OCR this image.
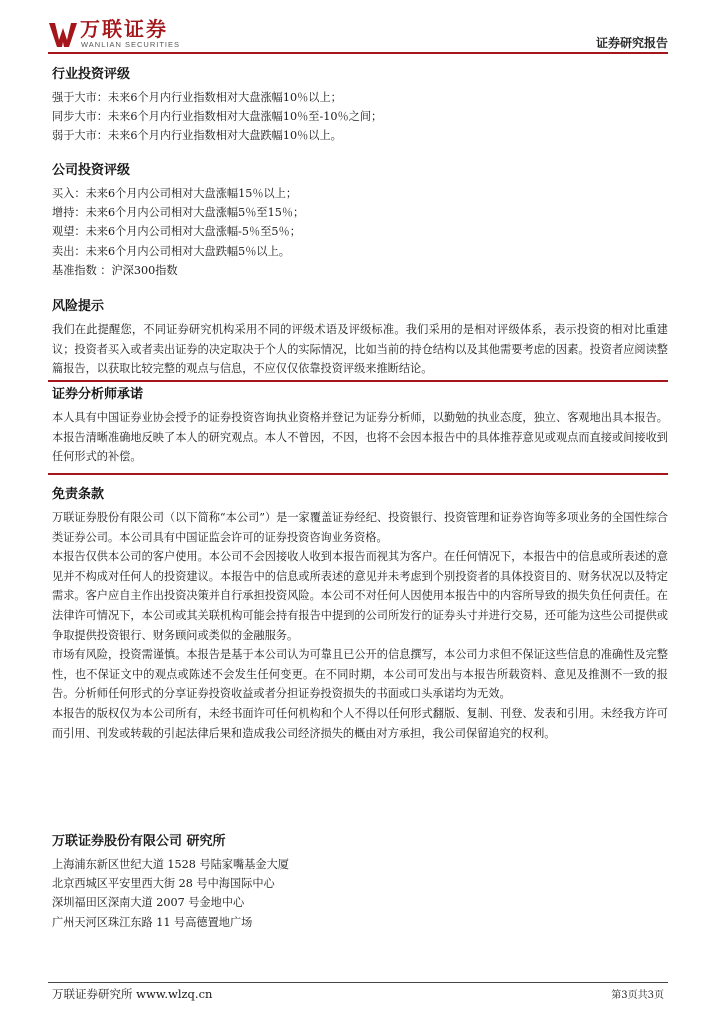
万联证券
WANLIAN SECURITIES	证券研究报告
行业投资评级
强于大市：未来6个月内行业指数相对大盘涨幅10％以上；
同步大市：未来6个月内行业指数相对大盘涨幅10％至-10％之间；
弱于大市：未来6个月内行业指数相对大盘跌幅10％以上。
公司投资评级
买入：未来6个月内公司相对大盘涨幅15％以上；
增持：未来6个月内公司相对大盘涨幅5％至15％；
观望：未来6个月内公司相对大盘涨幅-5％至5％；
卖出：未来6个月内公司相对大盘跌幅5％以上。
基准指数 ：沪深300指数
风险提示

我们在此提醒您，不同证券研究机构采用不同的评级术语及评级标准。我们采用的是相对评级体系，表示投资的相对比重建议；投资者买入或者卖出证券的决定取决于个人的实际情况，比如当前的持仓结构以及其他需要考虑的因素。投资者应阅读整篇报告，以获取比较完整的观点与信息，不应仅仅依靠投资评级来推断结论。

证券分析师承诺

本人具有中国证券业协会授予的证券投资咨询执业资格并登记为证券分析师，以勤勉的执业态度，独立、客观地出具本报告。本报告清晰准确地反映了本人的研究观点。本人不曾因，不因，也将不会因本报告中的具体推荐意见或观点而直接或间接收到任何形式的补偿。

免责条款

万联证券股份有限公司（以下简称“本公司”）是一家覆盖证券经纪、投资银行、投资管理和证券咨询等多项业务的全国性综合类证券公司。本公司具有中国证监会许可的证券投资咨询业务资格。

本报告仅供本公司的客户使用。本公司不会因接收人收到本报告而视其为客户。在任何情况下，本报告中的信息或所表述的意见并不构成对任何人的投资建议。本报告中的信息或所表述的意见并未考虑到个别投资者的具体投资目的、财务状况以及特定需求。客户应自主作出投资决策并自行承担投资风险。本公司不对任何人因使用本报告中的内容所导致的损失负任何责任。在法律许可情况下，本公司或其关联机构可能会持有报告中提到的公司所发行的证券头寸并进行交易，还可能为这些公司提供或争取提供投资银行、财务顾问或类似的金融服务。

市场有风险，投资需谨慎。本报告是基于本公司认为可靠且已公开的信息撰写，本公司力求但不保证这些信息的准确性及完整性，也不保证文中的观点或陈述不会发生任何变更。在不同时期，本公司可发出与本报告所载资料、意见及推测不一致的报告。分析师任何形式的分享证券投资收益或者分担证券投资损失的书面或口头承诺均为无效。

本报告的版权仅为本公司所有，未经书面许可任何机构和个人不得以任何形式翻版、复制、刊登、发表和引用。未经我方许可而引用、刊发或转载的引起法律后果和造成我公司经济损失的概由对方承担，我公司保留追究的权利。

万联证券股份有限公司 研究所
上海浦东新区世纪大道 1528 号陆家嘴基金大厦
北京西城区平安里西大街 28 号中海国际中心
深圳福田区深南大道 2007 号金地中心
广州天河区珠江东路 11 号高德置地广场
万联证券研究所 www.wlzq.cn	第3页共3页
